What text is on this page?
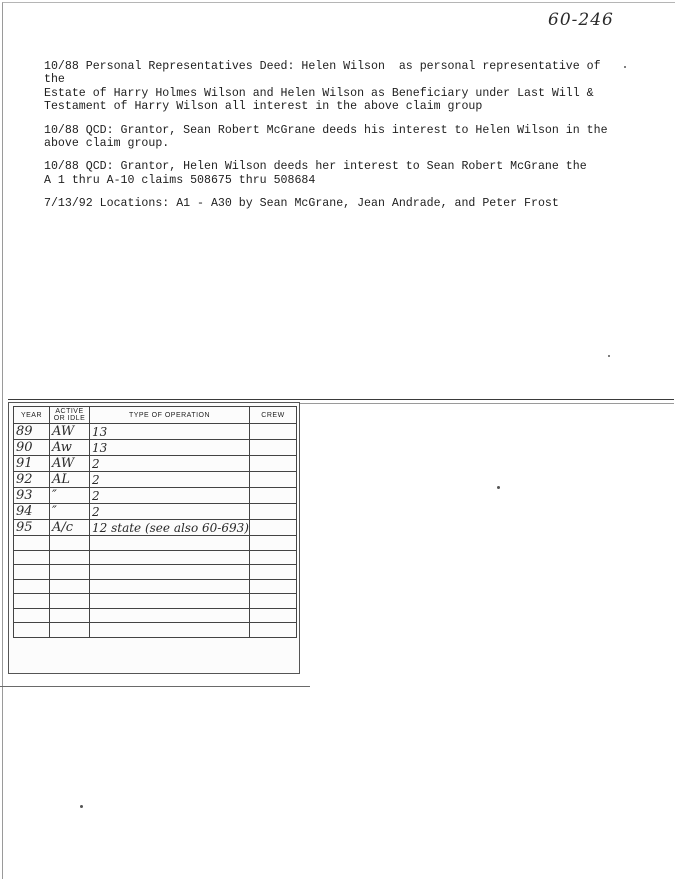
60-246

10/88 Personal Representatives Deed: Helen Wilson  as personal representative of the
Estate of Harry Holmes Wilson and Helen Wilson as Beneficiary under Last Will &
Testament of Harry Wilson all interest in the above claim group

10/88 QCD: Grantor, Sean Robert McGrane deeds his interest to Helen Wilson in the
above claim group.

10/88 QCD: Grantor, Helen Wilson deeds her interest to Sean Robert McGrane the
A 1 thru A-10 claims 508675 thru 508684

7/13/92 Locations: A1 - A30 by Sean McGrane, Jean Andrade, and Peter Frost

YEAR	ACTIVE OR IDLE	TYPE OF OPERATION	CREW
89	AW	13	
90	Aw	13	
91	AW	2	
92	AL	2	
93	″	2	
94	″	2	
95	A/c	12 state (see also 60-693)	
